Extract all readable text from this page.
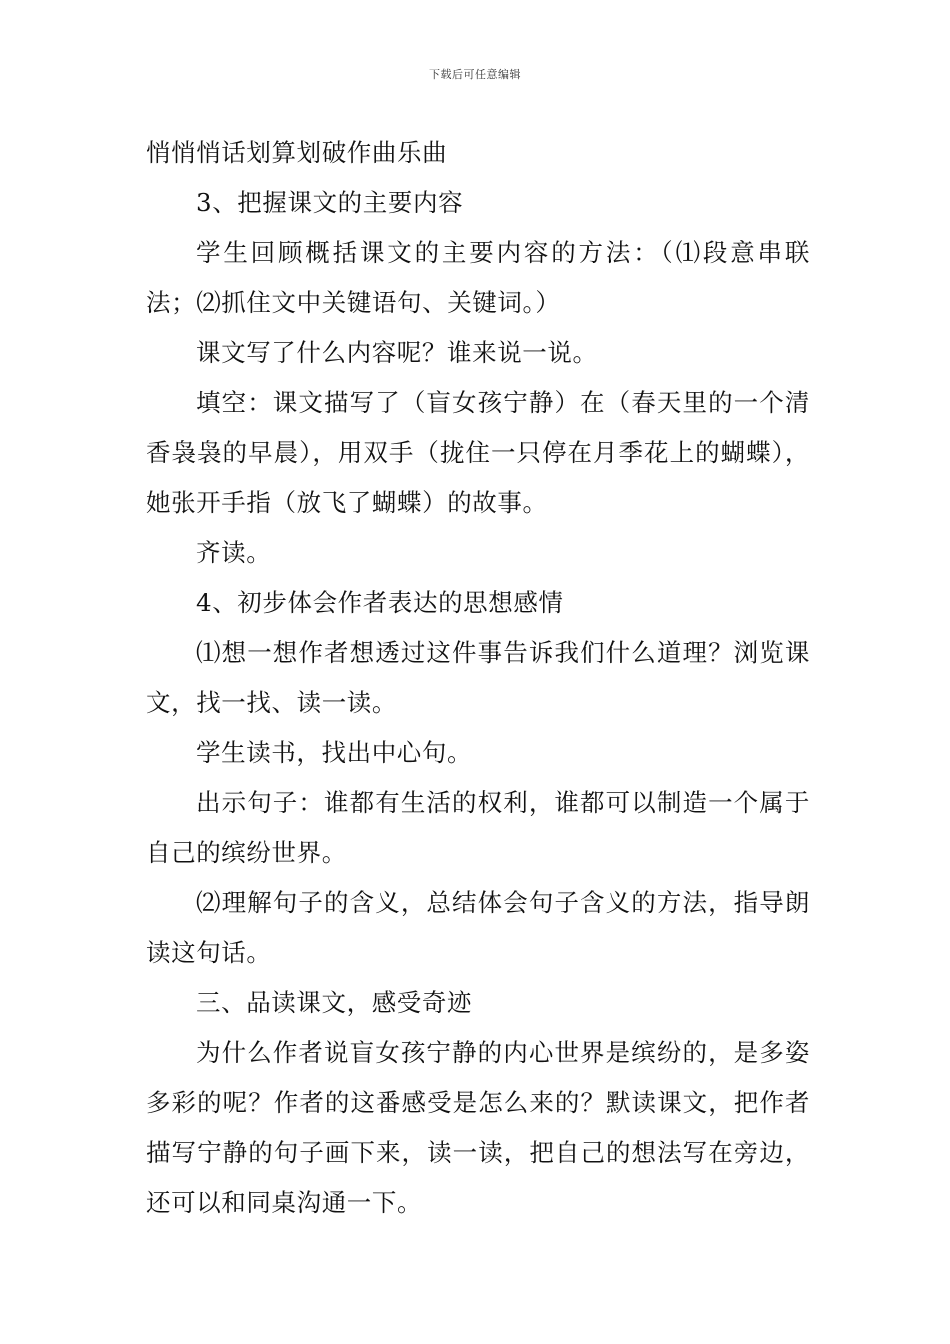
下载后可任意编辑

悄悄悄话划算划破作曲乐曲

3、把握课文的主要内容

学生回顾概括课文的主要内容的方法：（⑴段意串联法；⑵抓住文中关键语句、关键词。）

课文写了什么内容呢？谁来说一说。

填空：课文描写了（盲女孩宁静）在（春天里的一个清香袅袅的早晨），用双手（拢住一只停在月季花上的蝴蝶），她张开手指（放飞了蝴蝶）的故事。

齐读。

4、初步体会作者表达的思想感情

⑴想一想作者想透过这件事告诉我们什么道理？浏览课文，找一找、读一读。

学生读书，找出中心句。

出示句子：谁都有生活的权利，谁都可以制造一个属于自己的缤纷世界。

⑵理解句子的含义，总结体会句子含义的方法，指导朗读这句话。

三、品读课文，感受奇迹

为什么作者说盲女孩宁静的内心世界是缤纷的，是多姿多彩的呢？作者的这番感受是怎么来的？默读课文，把作者描写宁静的句子画下来，读一读，把自己的想法写在旁边，还可以和同桌沟通一下。
